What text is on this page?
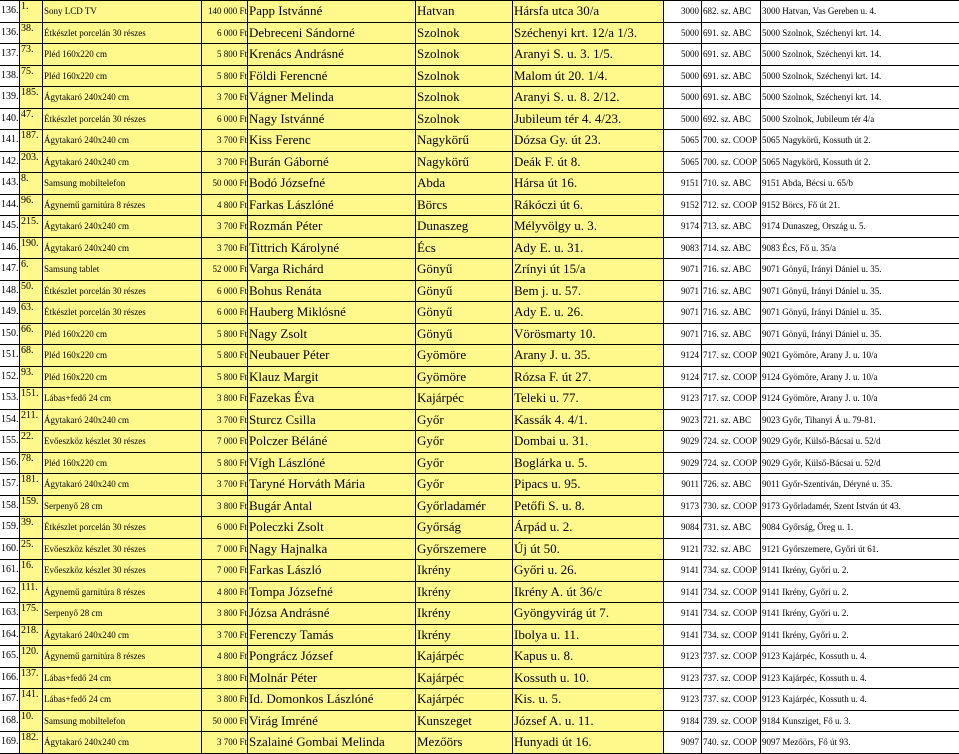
136.	1.	Sony LCD TV	140 000 Ft	Papp Istvánné	Hatvan	Hársfa utca 30/a	3000	682. sz. ABC	3000 Hatvan, Vas Gereben u. 4.
136.	38.	Étkészlet porcelán 30 részes	6 000 Ft	Debreceni Sándorné	Szolnok	Széchenyi krt. 12/a 1/3.	5000	691. sz. ABC	5000 Szolnok, Széchenyi krt. 14.
137.	73.	Pléd 160x220 cm	5 800 Ft	Krenács Andrásné	Szolnok	Aranyi S. u. 3. 1/5.	5000	691. sz. ABC	5000 Szolnok, Széchenyi krt. 14.
138.	75.	Pléd 160x220 cm	5 800 Ft	Földi Ferencné	Szolnok	Malom út 20. 1/4.	5000	691. sz. ABC	5000 Szolnok, Széchenyi krt. 14.
139.	185.	Ágytakaró 240x240 cm	3 700 Ft	Vágner Melinda	Szolnok	Aranyi S. u. 8. 2/12.	5000	691. sz. ABC	5000 Szolnok, Széchenyi krt. 14.
140.	47.	Étkészlet porcelán 30 részes	6 000 Ft	Nagy Istvánné	Szolnok	Jubileum tér 4. 4/23.	5000	692. sz. ABC	5000 Szolnok, Jubileum tér 4/a
141.	187.	Ágytakaró 240x240 cm	3 700 Ft	Kiss Ferenc	Nagykörű	Dózsa Gy. út 23.	5065	700. sz. COOP	5065 Nagykörű, Kossuth út 2.
142.	203.	Ágytakaró 240x240 cm	3 700 Ft	Burán Gáborné	Nagykörű	Deák F. út 8.	5065	700. sz. COOP	5065 Nagykörű, Kossuth út 2.
143.	8.	Samsung mobiltelefon	50 000 Ft	Bodó Józsefné	Abda	Hársa út 16.	9151	710. sz. ABC	9151 Abda, Bécsi u. 65/b
144.	96.	Ágynemű garnitúra 8 részes	4 800 Ft	Farkas Lászlóné	Börcs	Rákóczi út 6.	9152	712. sz. COOP	9152 Börcs, Fő út 21.
145.	215.	Ágytakaró 240x240 cm	3 700 Ft	Rozmán Péter	Dunaszeg	Mélyvölgy u. 3.	9174	713. sz. ABC	9174 Dunaszeg, Ország u. 5.
146.	190.	Ágytakaró 240x240 cm	3 700 Ft	Tittrich Károlyné	Écs	Ady E. u. 31.	9083	714. sz. ABC	9083 Écs, Fő u. 35/a
147.	6.	Samsung tablet	52 000 Ft	Varga Richárd	Gönyű	Zrínyi út 15/a	9071	716. sz. ABC	9071 Gönyű, Irányi Dániel u. 35.
148.	50.	Étkészlet porcelán 30 részes	6 000 Ft	Bohus Renáta	Gönyű	Bem j. u. 57.	9071	716. sz. ABC	9071 Gönyű, Irányi Dániel u. 35.
149.	63.	Étkészlet porcelán 30 részes	6 000 Ft	Hauberg Miklósné	Gönyű	Ady E. u. 26.	9071	716. sz. ABC	9071 Gönyű, Irányi Dániel u. 35.
150.	66.	Pléd 160x220 cm	5 800 Ft	Nagy Zsolt	Gönyű	Vörösmarty 10.	9071	716. sz. ABC	9071 Gönyű, Irányi Dániel u. 35.
151.	68.	Pléd 160x220 cm	5 800 Ft	Neubauer Péter	Gyömöre	Arany J. u. 35.	9124	717. sz. COOP	9021 Gyömöre, Arany J. u. 10/a
152.	93.	Pléd 160x220 cm	5 800 Ft	Klauz Margit	Gyömöre	Rózsa F. út 27.	9124	717. sz. COOP	9124 Gyömöre, Arany J. u. 10/a
153.	151.	Lábas+fedő 24 cm	3 800 Ft	Fazekas Éva	Kajárpéc	Teleki u. 77.	9123	717. sz. COOP	9124 Gyömöre, Arany J. u. 10/a
154.	211.	Ágytakaró 240x240 cm	3 700 Ft	Sturcz Csilla	Győr	Kassák 4. 4/1.	9023	721. sz. ABC	9023 Győr, Tihanyi Á u. 79-81.
155.	22.	Evőeszköz készlet 30 részes	7 000 Ft	Polczer Béláné	Győr	Dombai u. 31.	9029	724. sz. COOP	9029 Győr, Külső-Bácsai u. 52/d
156.	78.	Pléd 160x220 cm	5 800 Ft	Vígh Lászlóné	Győr	Boglárka u. 5.	9029	724. sz. COOP	9029 Győr, Külső-Bácsai u. 52/d
157.	181.	Ágytakaró 240x240 cm	3 700 Ft	Taryné Horváth Mária	Győr	Pipacs u. 95.	9011	726. sz. ABC	9011 Győr-Szentiván, Déryné u. 35.
158.	159.	Serpenyő 28 cm	3 800 Ft	Bugár Antal	Győrladamér	Petőfi S. u. 8.	9173	730. sz. COOP	9173 Győrladamér, Szent István út 43.
159.	39.	Étkészlet porcelán 30 részes	6 000 Ft	Poleczki Zsolt	Győrság	Árpád u. 2.	9084	731. sz. ABC	9084 Győrság, Öreg u. 1.
160.	25.	Evőeszköz készlet 30 részes	7 000 Ft	Nagy Hajnalka	Győrszemere	Új út 50.	9121	732. sz. ABC	9121 Győrszemere, Győri út 61.
161.	16.	Evőeszköz készlet 30 részes	7 000 Ft	Farkas László	Ikrény	Győri u. 26.	9141	734. sz. COOP	9141 Ikrény, Győri u. 2.
162.	111.	Ágynemű garnitúra 8 részes	4 800 Ft	Tompa Józsefné	Ikrény	Ikrény A. út 36/c	9141	734. sz. COOP	9141 Ikrény, Győri u. 2.
163.	175.	Serpenyő 28 cm	3 800 Ft	Józsa Andrásné	Ikrény	Gyöngyvirág út 7.	9141	734. sz. COOP	9141 Ikrény, Győri u. 2.
164.	218.	Ágytakaró 240x240 cm	3 700 Ft	Ferenczy Tamás	Ikrény	Ibolya u. 11.	9141	734. sz. COOP	9141 Ikrény, Győri u. 2.
165.	120.	Ágynemű garnitúra 8 részes	4 800 Ft	Pongrácz József	Kajárpéc	Kapus u. 8.	9123	737. sz. COOP	9123 Kajárpéc, Kossuth u. 4.
166.	137.	Lábas+fedő 24 cm	3 800 Ft	Molnár Péter	Kajárpéc	Kossuth u. 10.	9123	737. sz. COOP	9123 Kajárpéc, Kossuth u. 4.
167.	141.	Lábas+fedő 24 cm	3 800 Ft	Id. Domonkos Lászlóné	Kajárpéc	Kis. u. 5.	9123	737. sz. COOP	9123 Kajárpéc, Kossuth u. 4.
168.	10.	Samsung mobiltelefon	50 000 Ft	Virág Imréné	Kunszeget	József A. u. 11.	9184	739. sz. COOP	9184 Kunsziget, Fő u. 3.
169.	182.	Ágytakaró 240x240 cm	3 700 Ft	Szalainé Gombai Melinda	Mezőörs	Hunyadi út 16.	9097	740. sz. COOP	9097 Mezőörs, Fő út 93.
